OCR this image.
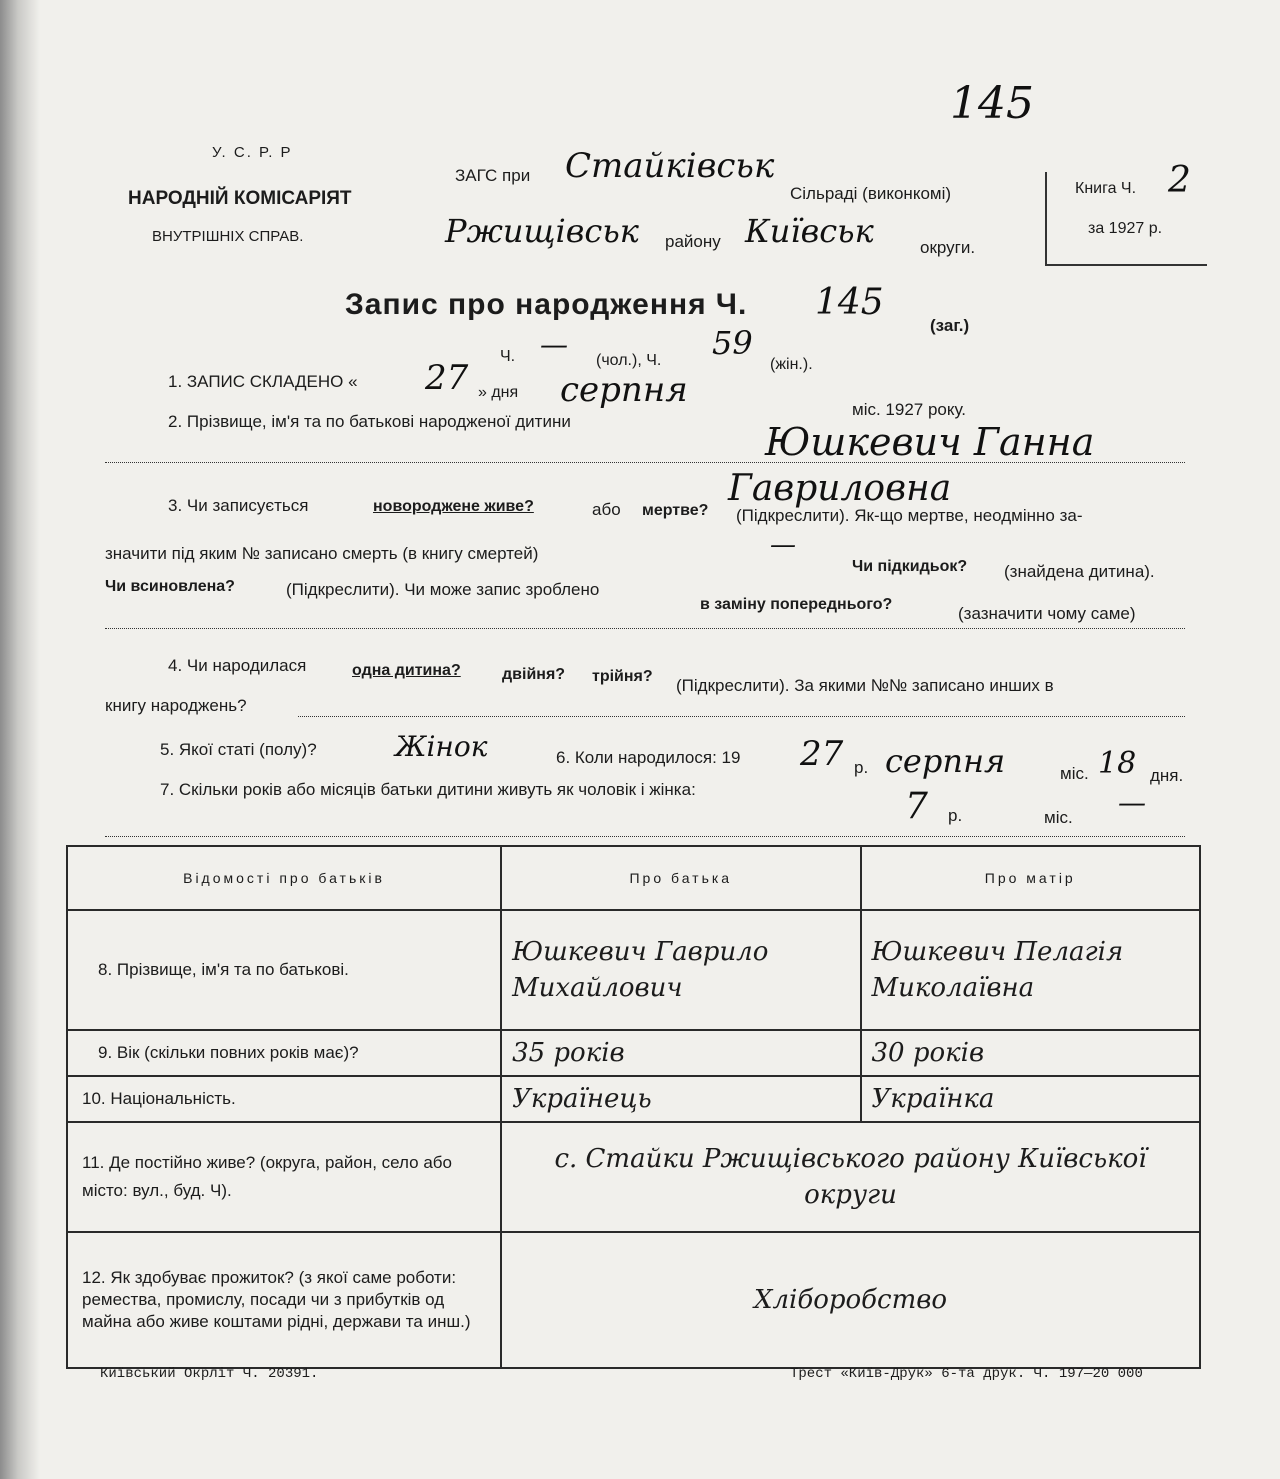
145
У. С. Р. Р
НАРОДНІЙ КОМІСАРІЯТ
ВНУТРІШНІХ СПРАВ.
ЗАГС при Стайківськ
Сільраді (виконкомі)
Ржищівськ району Київськ	округи.
Книга Ч. 2
за 1927 р.
Запис про народження Ч. 145
(заг.)
Ч. — (чол.), Ч. 59
(жін.).
1. ЗАПИС СКЛАДЕНО « 27 » дня серпня	міс. 1927 року.
2. Прізвище, ім'я та по батькові народженої дитини	Юшкевич Ганна
Гавриловна
3. Чи записується	новороджене живе?	або мертве? (Підкреслити). Як-що мертве, неодмінно за-
значити під яким № записано смерть (в книгу смертей)	—
Чи підкидьок? (знайдена дитина).
Чи всиновлена?	(Підкреслити). Чи може запис зроблено
в заміну попереднього?	(зазначити чому саме)
4. Чи народилася	одна дитина?	двійня? трійня? (Підкреслити). За якими №№ записано инших в
книгу народжень?
5. Якої статі (полу)?	Жінок	6. Коли народилося: 19 27 р. серпня	міс. 18 дня.
7. Скільки років або місяців батьки дитини живуть як чоловік і жінка:	7 р.	міс. —
Відомості про батьків	Про батька	Про матір
8. Прізвище, ім'я та по батькові.	Юшкевич Гаврило Михайлович	Юшкевич Пелагія Миколаївна
9. Вік (скільки повних років має)?	35 років	30 років
10. Національність.	Українець	Українка
11. Де постійно живе? (округа, район, село або місто: вул., буд. Ч).	с. Стайки Ржищівського району Київської округи	
12. Як здобуває прожиток? (з якої саме роботи: ремества, промислу, посади чи з прибутків од майна або живе коштами рідні, держави та инш.)	Хліборобство	
Київський Окрліт Ч. 20391.	Трест «Київ-Друк» 6-та друк. Ч. 197—20 000
